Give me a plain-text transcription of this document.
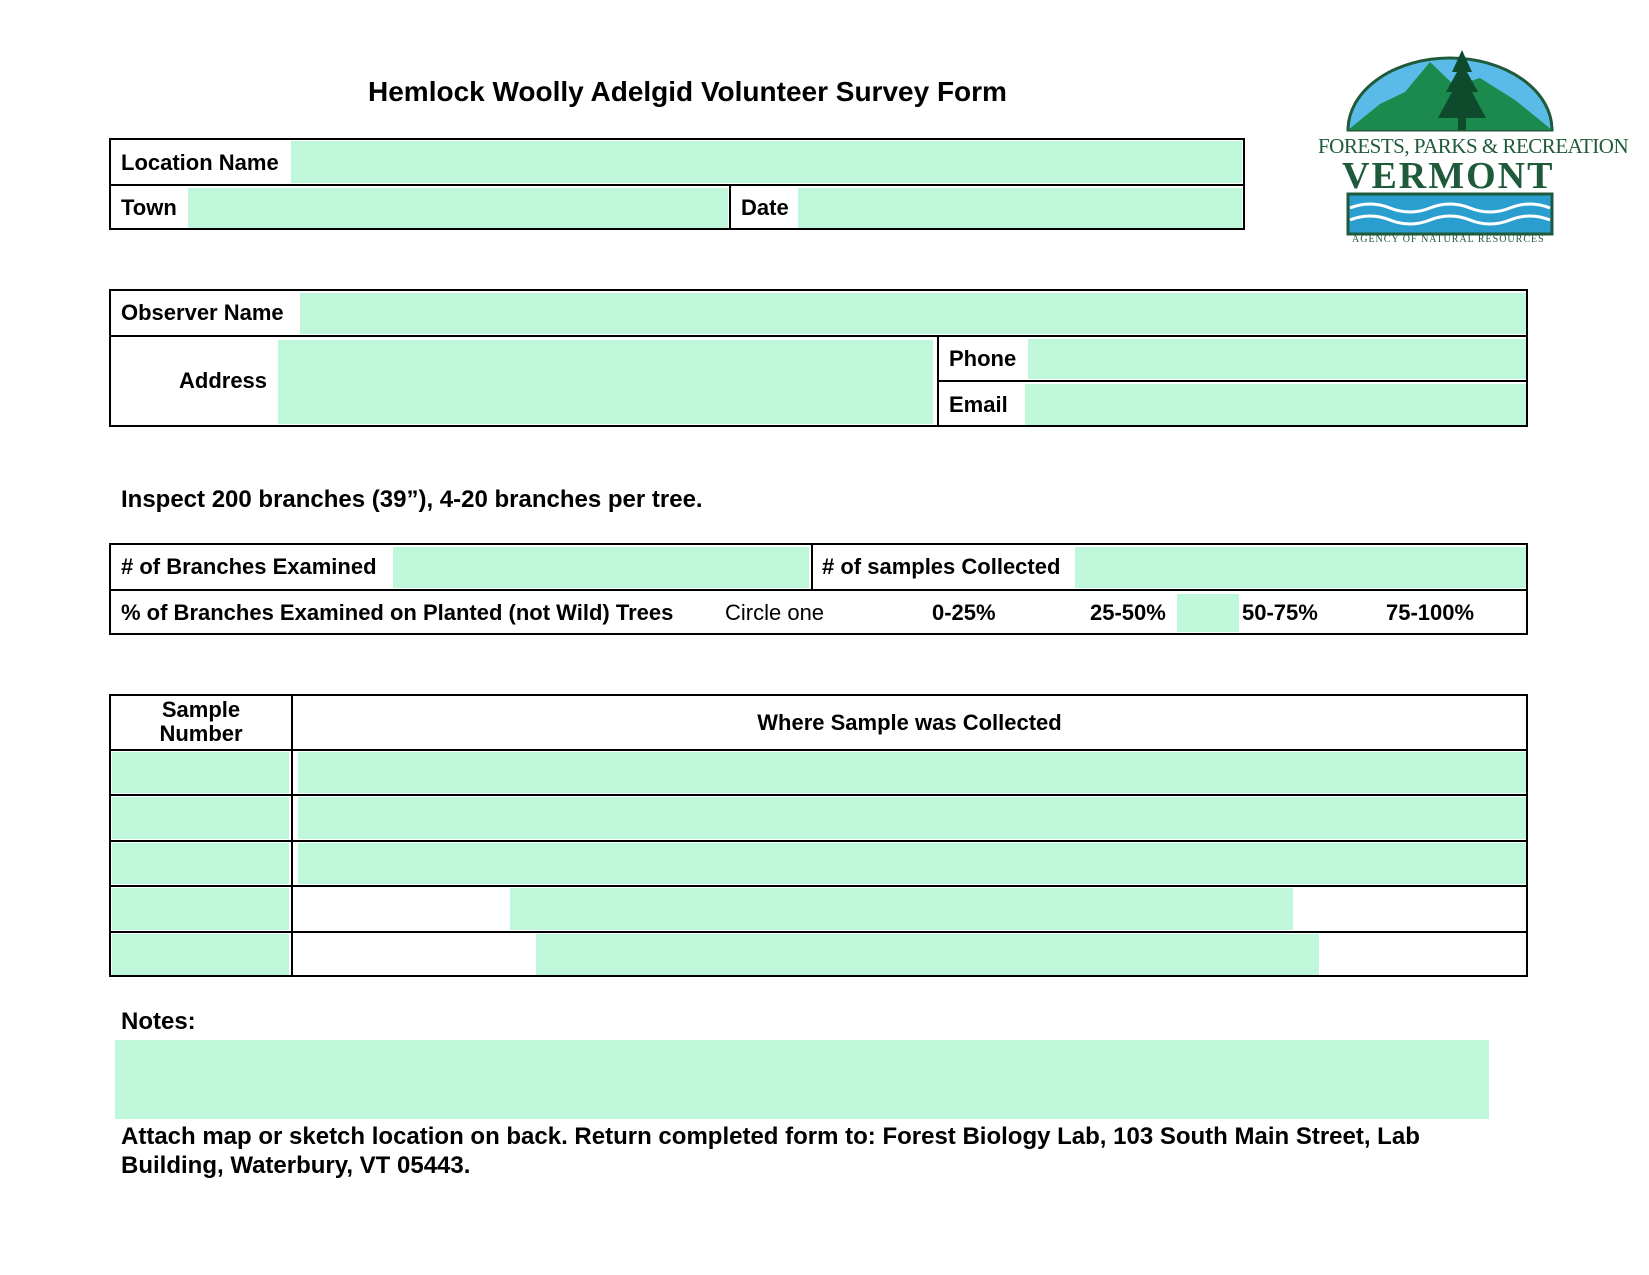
Hemlock Woolly Adelgid Volunteer Survey Form
FORESTS, PARKS & RECREATION
VERMONT
AGENCY OF NATURAL RESOURCES
Location Name
Town	Date
Observer Name
Address
Phone
Email
Inspect 200 branches (39”), 4-20 branches per tree.
# of Branches Examined	# of samples Collected
% of Branches Examined on Planted (not Wild) Trees Circle one	0-25%	25-50%	50-75%	75-100%
Sample Number	Where Sample was Collected
Notes:
Attach map or sketch location on back. Return completed form to: Forest Biology Lab, 103 South Main Street, Lab Building, Waterbury, VT 05443.
